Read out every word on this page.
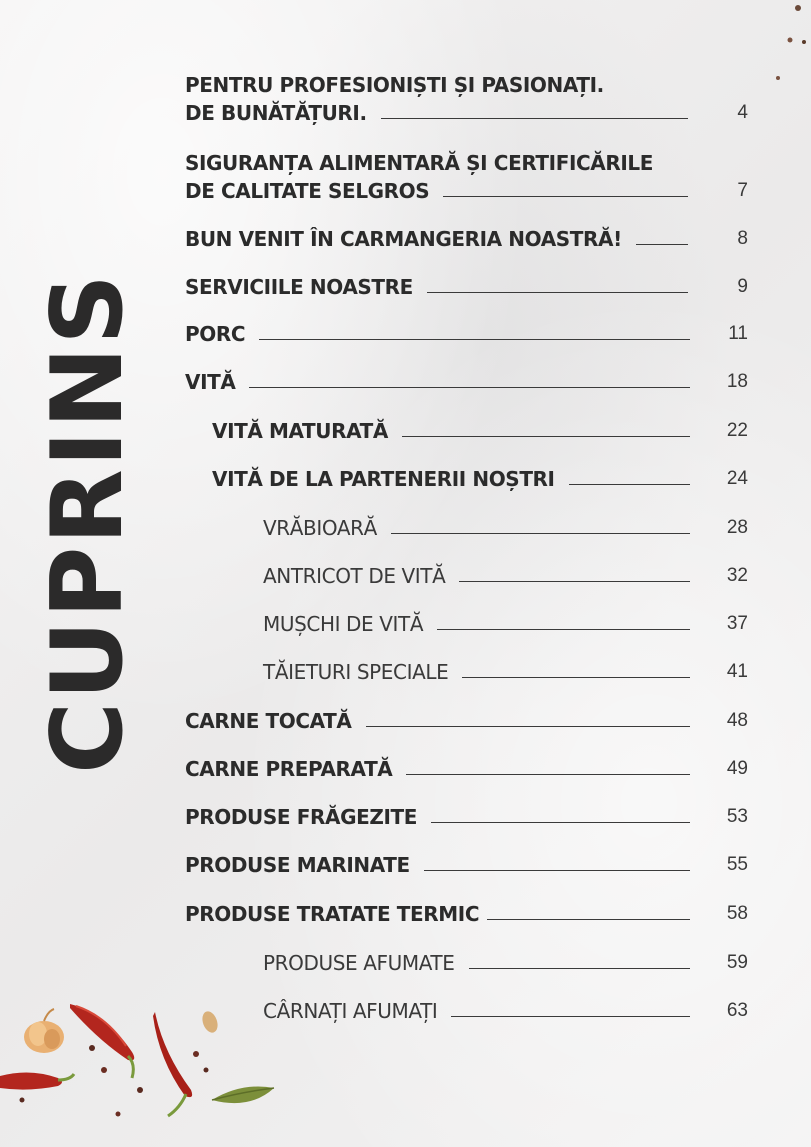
CUPRINS
PENTRU PROFESIONIȘTI ȘI PASIONAȚI.
DE BUNĂTĂȚURI.	4
SIGURANȚA ALIMENTARĂ ȘI CERTIFICĂRILE
DE CALITATE SELGROS	7
BUN VENIT ÎN CARMANGERIA NOASTRĂ!	8
SERVICIILE NOASTRE	9
PORC	11
VITĂ	18
VITĂ MATURATĂ	22
VITĂ DE LA PARTENERII NOȘTRI	24
VRĂBIOARĂ	28
ANTRICOT DE VITĂ	32
MUȘCHI DE VITĂ	37
TĂIETURI SPECIALE	41
CARNE TOCATĂ	48
CARNE PREPARATĂ	49
PRODUSE FRĂGEZITE	53
PRODUSE MARINATE	55
PRODUSE TRATATE TERMIC	58
PRODUSE AFUMATE	59
CÂRNAȚI AFUMAȚI	63
